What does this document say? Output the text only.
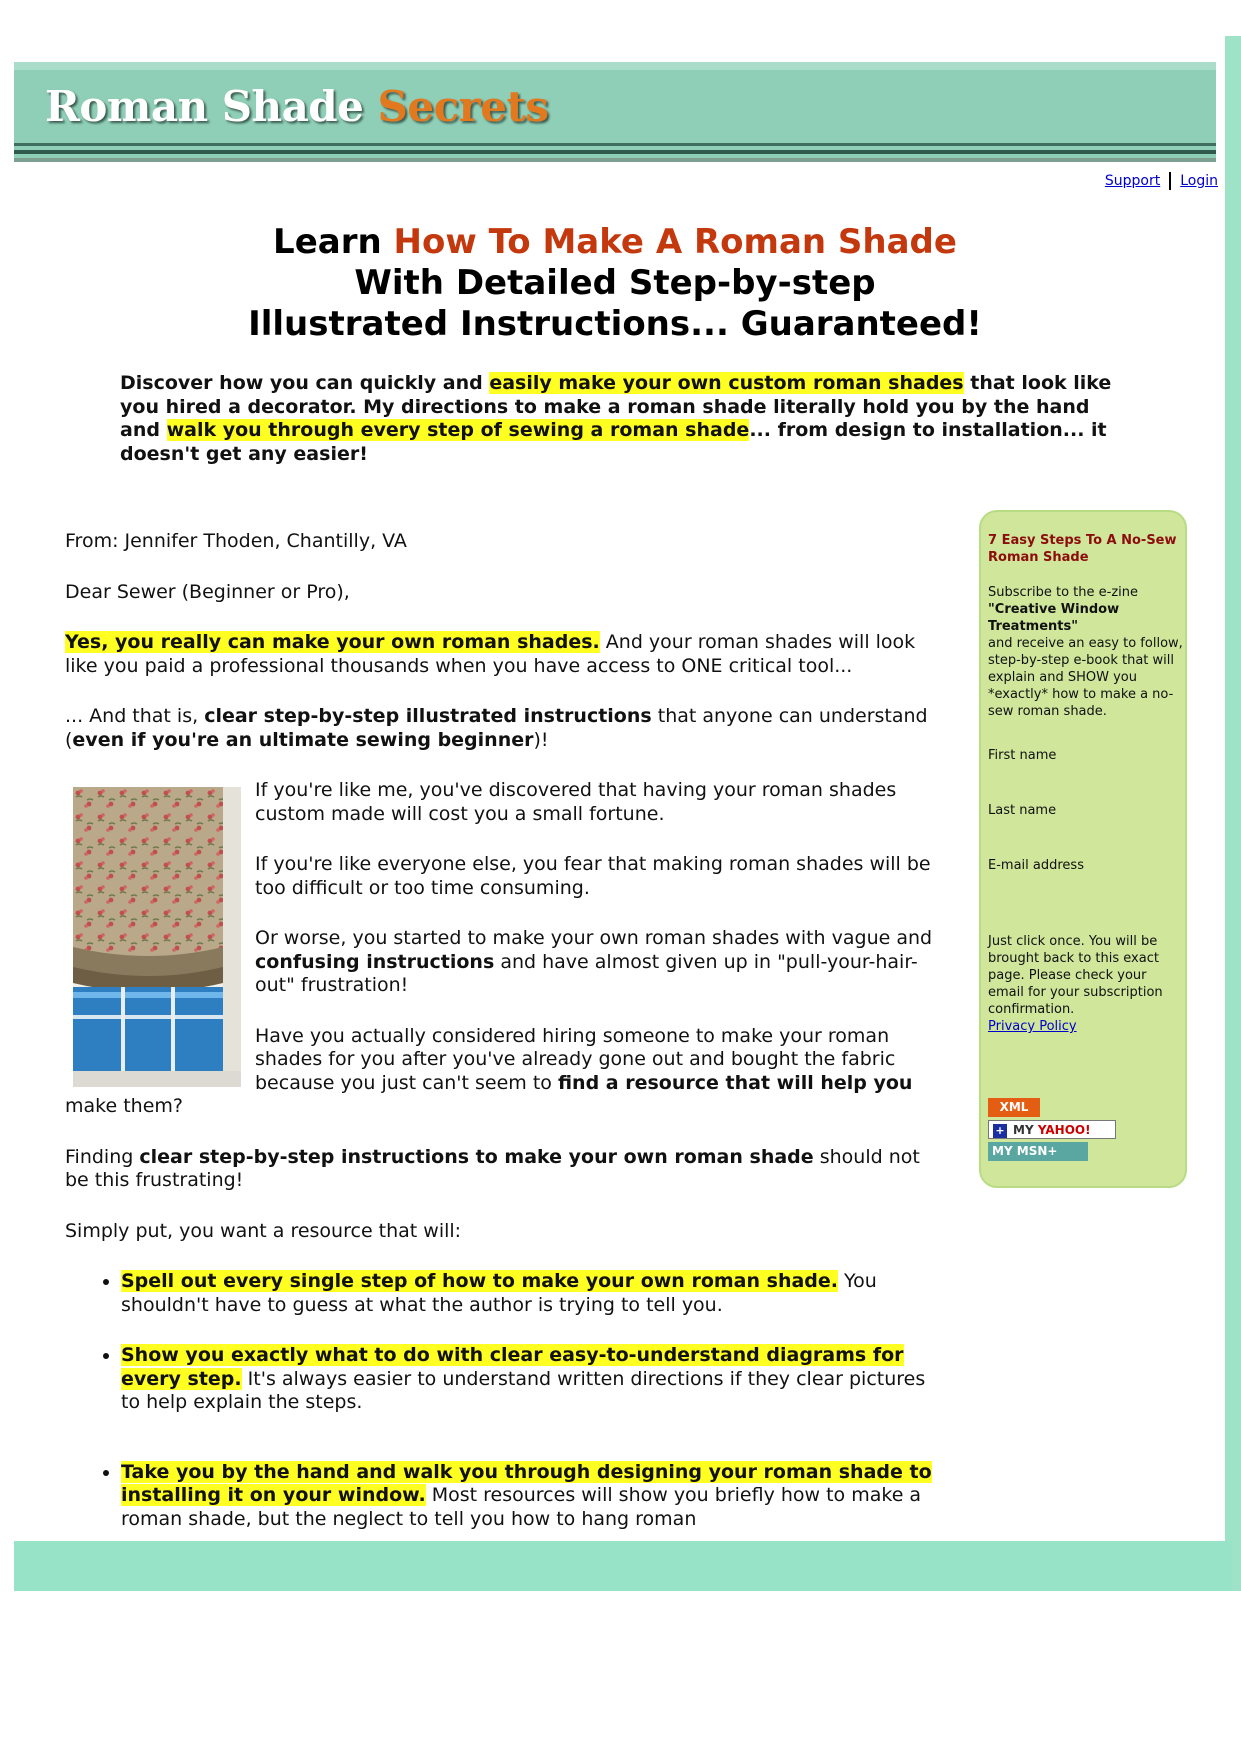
Roman Shade Secrets
Support Login
Learn How To Make A Roman Shade
With Detailed Step-by-step
Illustrated Instructions... Guaranteed!
Discover how you can quickly and easily make your own custom roman shades that look like you hired a decorator. My directions to make a roman shade literally hold you by the hand and walk you through every step of sewing a roman shade... from design to installation... it doesn't get any easier!

From: Jennifer Thoden, Chantilly, VA

Dear Sewer (Beginner or Pro),

Yes, you really can make your own roman shades. And your roman shades will look like you paid a professional thousands when you have access to ONE critical tool...

... And that is, clear step-by-step illustrated instructions that anyone can understand (even if you're an ultimate sewing beginner)!

If you're like me, you've discovered that having your roman shades custom made will cost you a small fortune.

If you're like everyone else, you fear that making roman shades will be too difficult or too time consuming.

Or worse, you started to make your own roman shades with vague and confusing instructions and have almost given up in "pull-your-hair-out" frustration!

Have you actually considered hiring someone to make your roman shades for you after you've already gone out and bought the fabric because you just can't seem to find a resource that will help you make them?

Finding clear step-by-step instructions to make your own roman shade should not be this frustrating!

Simply put, you want a resource that will:

• Spell out every single step of how to make your own roman shade. You shouldn't have to guess at what the author is trying to tell you.
• Show you exactly what to do with clear easy-to-understand diagrams for every step. It's always easier to understand written directions if they clear pictures to help explain the steps.
• Take you by the hand and walk you through designing your roman shade to installing it on your window. Most resources will show you briefly how to make a roman shade, but the neglect to tell you how to hang roman
7 Easy Steps To A No-Sew Roman Shade
Subscribe to the e-zine
"Creative Window Treatments"
and receive an easy to follow, step-by-step e-book that will explain and SHOW you *exactly* how to make a no-sew roman shade.
First name
Last name
E-mail address
Just click once. You will be brought back to this exact page. Please check your email for your subscription confirmation.
Privacy Policy
XML
+ MY YAHOO!
MY MSN+
